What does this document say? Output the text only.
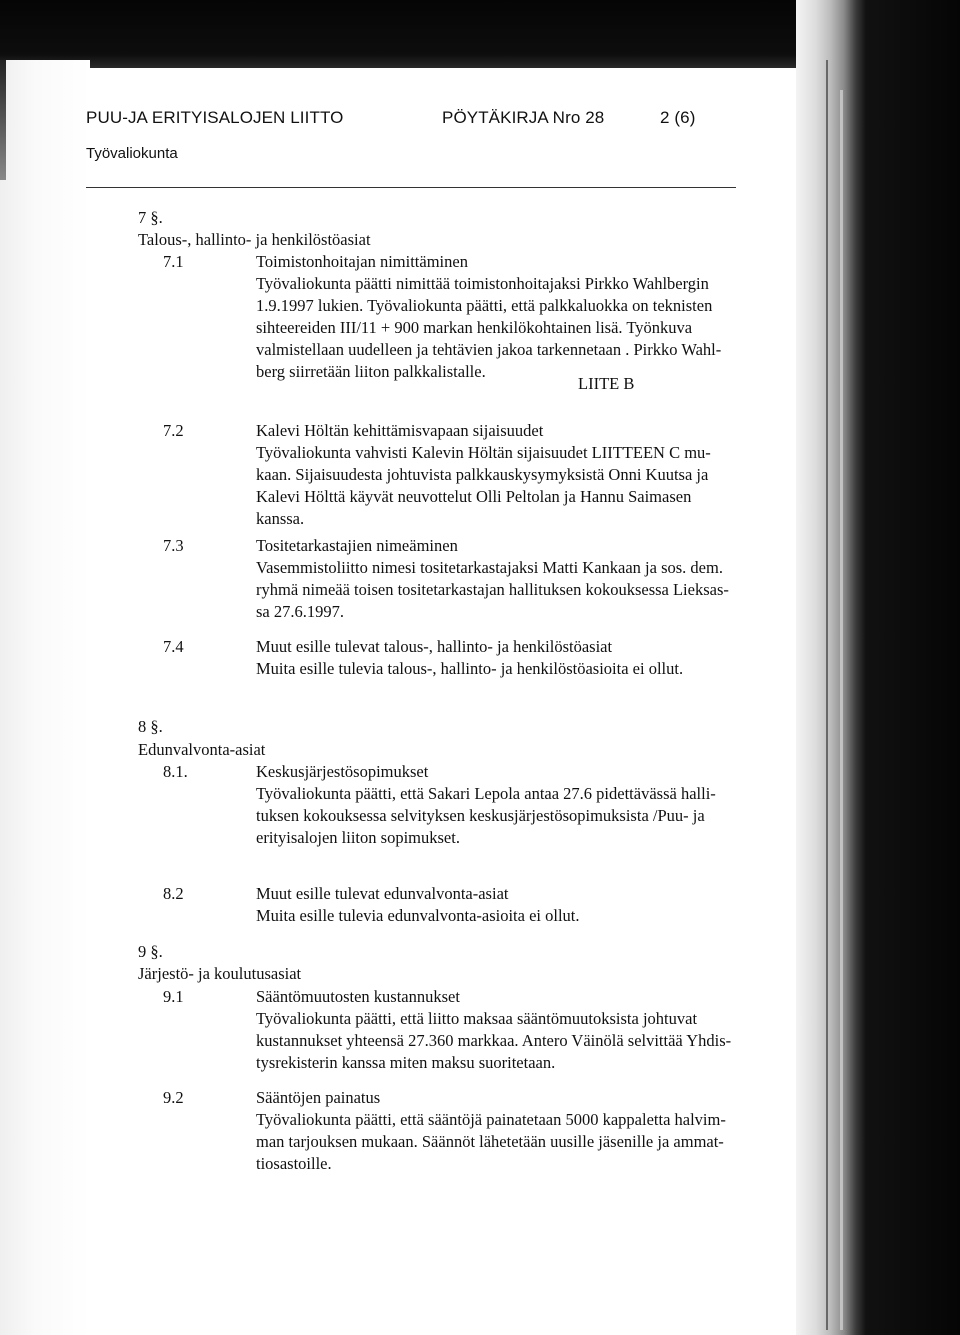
PUU-JA ERITYISALOJEN LIITTO	PÖYTÄKIRJA Nro 28	2 (6)
Työvaliokunta
7 §.
Talous-, hallinto- ja henkilöstöasiat
7.1	Toimistonhoitajan nimittäminen
Työvaliokunta päätti nimittää toimistonhoitajaksi Pirkko Wahlbergin
1.9.1997 lukien. Työvaliokunta päätti, että palkkaluokka on teknisten
sihteereiden III/11 + 900 markan henkilökohtainen lisä. Työnkuva
valmistellaan uudelleen ja tehtävien jakoa tarkennetaan . Pirkko Wahl-
berg siirretään liiton palkkalistalle.
LIITE B
7.2	Kalevi Höltän kehittämisvapaan sijaisuudet
Työvaliokunta vahvisti Kalevin Höltän sijaisuudet LIITTEEN C mu-
kaan. Sijaisuudesta johtuvista palkkauskysymyksistä Onni Kuutsa ja
Kalevi Hölttä käyvät neuvottelut Olli Peltolan ja Hannu Saimasen
kanssa.
7.3	Tositetarkastajien nimeäminen
Vasemmistoliitto nimesi tositetarkastajaksi Matti Kankaan ja sos. dem.
ryhmä nimeää toisen tositetarkastajan hallituksen kokouksessa Lieksas-
sa 27.6.1997.
7.4	Muut esille tulevat talous-, hallinto- ja henkilöstöasiat
Muita esille tulevia talous-, hallinto- ja henkilöstöasioita ei ollut.
8 §.
Edunvalvonta-asiat
8.1.	Keskusjärjestösopimukset
Työvaliokunta päätti, että Sakari Lepola antaa 27.6 pidettävässä halli-
tuksen kokouksessa selvityksen keskusjärjestösopimuksista /Puu- ja
erityisalojen liiton sopimukset.
8.2	Muut esille tulevat edunvalvonta-asiat
Muita esille tulevia edunvalvonta-asioita ei ollut.
9 §.
Järjestö- ja koulutusasiat
9.1	Sääntömuutosten kustannukset
Työvaliokunta päätti, että liitto maksaa sääntömuutoksista johtuvat
kustannukset yhteensä 27.360 markkaa. Antero Väinölä selvittää Yhdis-
tysrekisterin kanssa miten maksu suoritetaan.
9.2	Sääntöjen painatus
Työvaliokunta päätti, että sääntöjä painatetaan 5000 kappaletta halvim-
man tarjouksen mukaan. Säännöt lähetetään uusille jäsenille ja ammat-
tiosastoille.
